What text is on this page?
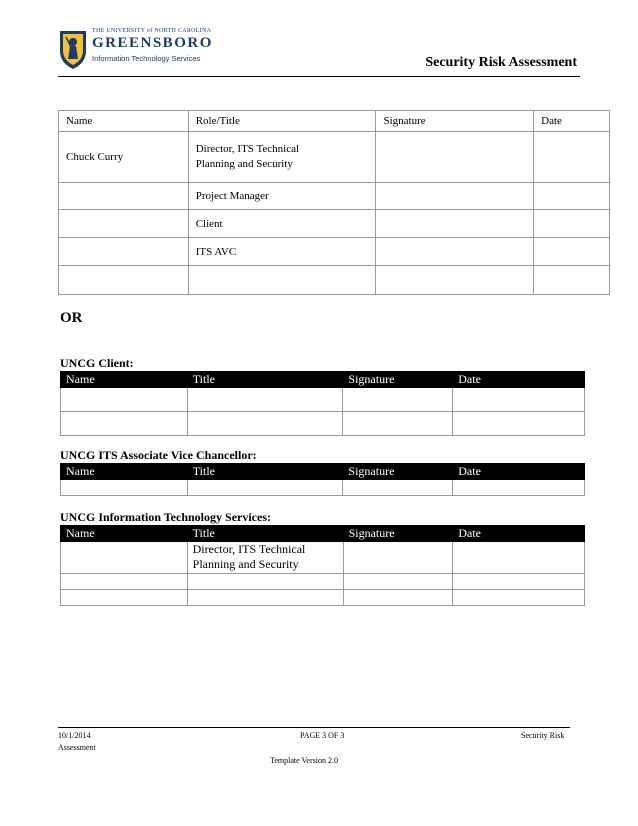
THE UNIVERSITY of NORTH CAROLINA
GREENSBORO
Information Technology Services	Security Risk Assessment
Name	Role/Title	Signature	Date
Chuck Curry	Director, ITS Technical Planning and Security		

	Project Manager		
	Client		
	ITS AVC		

OR
UNCG Client:
Name	Title	Signature	Date

UNCG ITS Associate Vice Chancellor:
Name	Title	Signature	Date

UNCG Information Technology Services:
Name	Title	Signature	Date

	Director, ITS Technical Planning and Security		

10/1/2014	PAGE 3 OF 3	Security Risk
Assessment
Template Version 2.0
